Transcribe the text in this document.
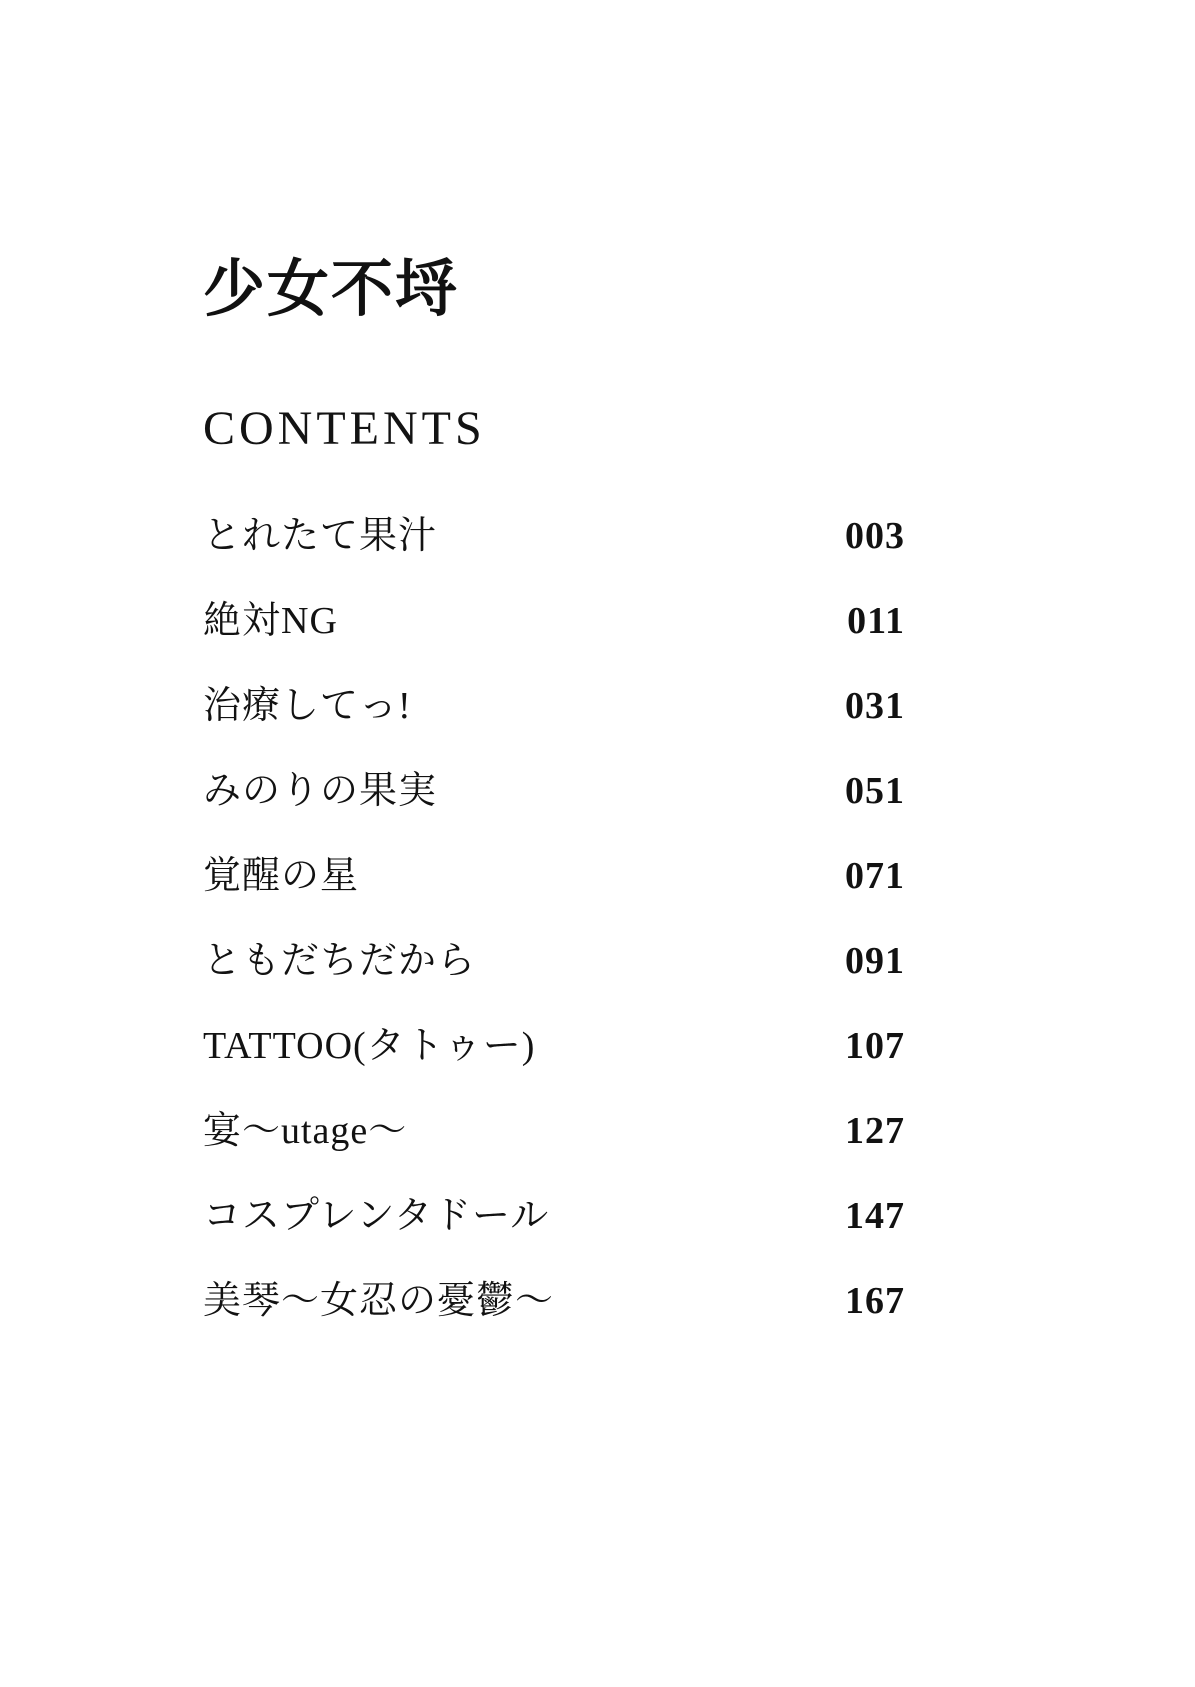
少女不埒
CONTENTS
とれたて果汁	003
絶対NG	011
治療してっ!	031
みのりの果実	051
覚醒の星	071
ともだちだから	091
TATTOO(タトゥー)	107
宴〜utage〜	127
コスプレンタドール	147
美琴〜女忍の憂鬱〜	167
